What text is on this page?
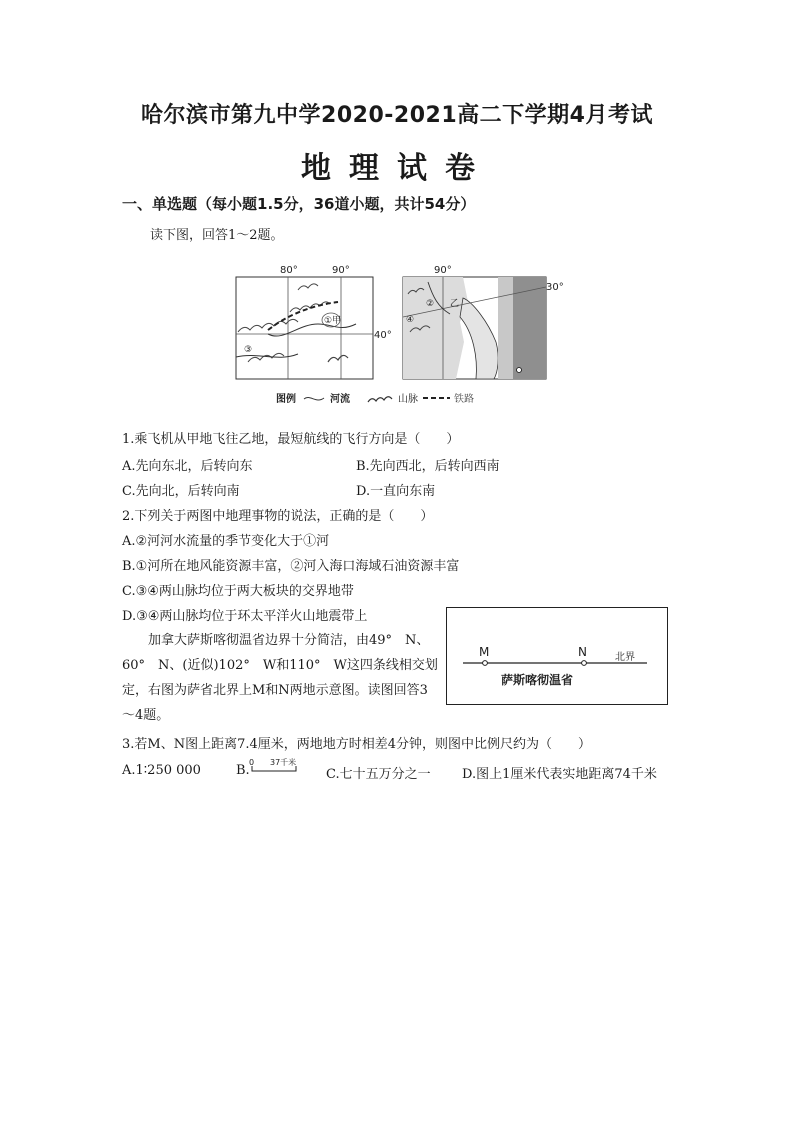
哈尔滨市第九中学2020-2021高二下学期4月考试
地理试卷
一、单选题（每小题1.5分，36道小题，共计54分）
读下图，回答1～2题。
80°	90°
40°
①甲
③
90°
30°
②
④
乙
图例	河流	山脉	铁路
1.乘飞机从甲地飞往乙地，最短航线的飞行方向是（　　）
A.先向东北，后转向东	B.先向西北，后转向西南
C.先向北，后转向南	D.一直向东南
2.下列关于两图中地理事物的说法，正确的是（　　）
A.②河河水流量的季节变化大于①河
B.①河所在地风能资源丰富，②河入海口海域石油资源丰富
C.③④两山脉均位于两大板块的交界地带
D.③④两山脉均位于环太平洋火山地震带上
加拿大萨斯喀彻温省边界十分简洁，由49°　N、60°　N、(近似)102°　W和110°　W这四条线相交划定，右图为萨省北界上M和N两地示意图。读图回答3～4题。
M	N	北界
萨斯喀彻温省
3.若M、N图上距离7.4厘米，两地地方时相差4分钟，则图中比例尺约为（　　）
A.1∶250 000	B.
0 37千米
C.七十五万分之一 D.图上1厘米代表实地距离74千米
